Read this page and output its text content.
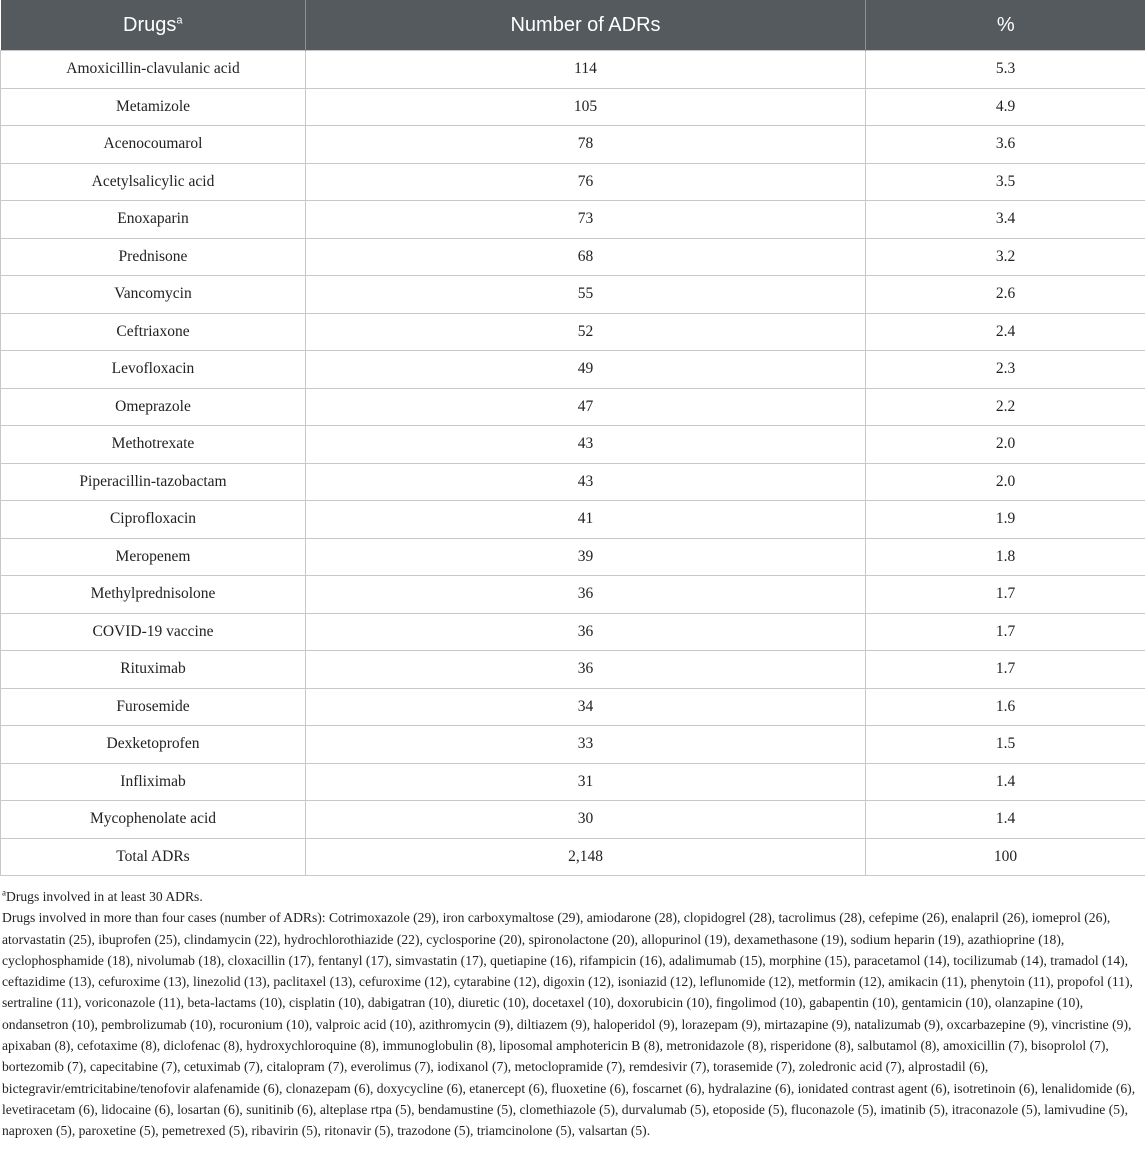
Drugs$^a$	Number of ADRs	%
Amoxicillin-clavulanic acid	114	5.3
Metamizole	105	4.9
Acenocoumarol	78	3.6
Acetylsalicylic acid	76	3.5
Enoxaparin	73	3.4
Prednisone	68	3.2
Vancomycin	55	2.6
Ceftriaxone	52	2.4
Levofloxacin	49	2.3
Omeprazole	47	2.2
Methotrexate	43	2.0
Piperacillin-tazobactam	43	2.0
Ciprofloxacin	41	1.9
Meropenem	39	1.8
Methylprednisolone	36	1.7
COVID-19 vaccine	36	1.7
Rituximab	36	1.7
Furosemide	34	1.6
Dexketoprofen	33	1.5
Infliximab	31	1.4
Mycophenolate acid	30	1.4
Total ADRs	2,148	100

$^a$Drugs involved in at least 30 ADRs.

Drugs involved in more than four cases (number of ADRs): Cotrimoxazole (29), iron carboxymaltose (29), amiodarone (28), clopidogrel (28), tacrolimus (28), cefepime (26), enalapril (26), iomeprol (26), atorvastatin (25), ibuprofen (25), clindamycin (22), hydrochlorothiazide (22), cyclosporine (20), spironolactone (20), allopurinol (19), dexamethasone (19), sodium heparin (19), azathioprine (18), cyclophosphamide (18), nivolumab (18), cloxacillin (17), fentanyl (17), simvastatin (17), quetiapine (16), rifampicin (16), adalimumab (15), morphine (15), paracetamol (14), tocilizumab (14), tramadol (14), ceftazidime (13), cefuroxime (13), linezolid (13), paclitaxel (13), cefuroxime (12), cytarabine (12), digoxin (12), isoniazid (12), leflunomide (12), metformin (12), amikacin (11), phenytoin (11), propofol (11), sertraline (11), voriconazole (11), beta-lactams (10), cisplatin (10), dabigatran (10), diuretic (10), docetaxel (10), doxorubicin (10), fingolimod (10), gabapentin (10), gentamicin (10), olanzapine (10), ondansetron (10), pembrolizumab (10), rocuronium (10), valproic acid (10), azithromycin (9), diltiazem (9), haloperidol (9), lorazepam (9), mirtazapine (9), natalizumab (9), oxcarbazepine (9), vincristine (9), apixaban (8), cefotaxime (8), diclofenac (8), hydroxychloroquine (8), immunoglobulin (8), liposomal amphotericin B (8), metronidazole (8), risperidone (8), salbutamol (8), amoxicillin (7), bisoprolol (7), bortezomib (7), capecitabine (7), cetuximab (7), citalopram (7), everolimus (7), iodixanol (7), metoclopramide (7), remdesivir (7), torasemide (7), zoledronic acid (7), alprostadil (6), bictegravir/emtricitabine/tenofovir alafenamide (6), clonazepam (6), doxycycline (6), etanercept (6), fluoxetine (6), foscarnet (6), hydralazine (6), ionidated contrast agent (6), isotretinoin (6), lenalidomide (6), levetiracetam (6), lidocaine (6), losartan (6), sunitinib (6), alteplase rtpa (5), bendamustine (5), clomethiazole (5), durvalumab (5), etoposide (5), fluconazole (5), imatinib (5), itraconazole (5), lamivudine (5), naproxen (5), paroxetine (5), pemetrexed (5), ribavirin (5), ritonavir (5), trazodone (5), triamcinolone (5), valsartan (5).
